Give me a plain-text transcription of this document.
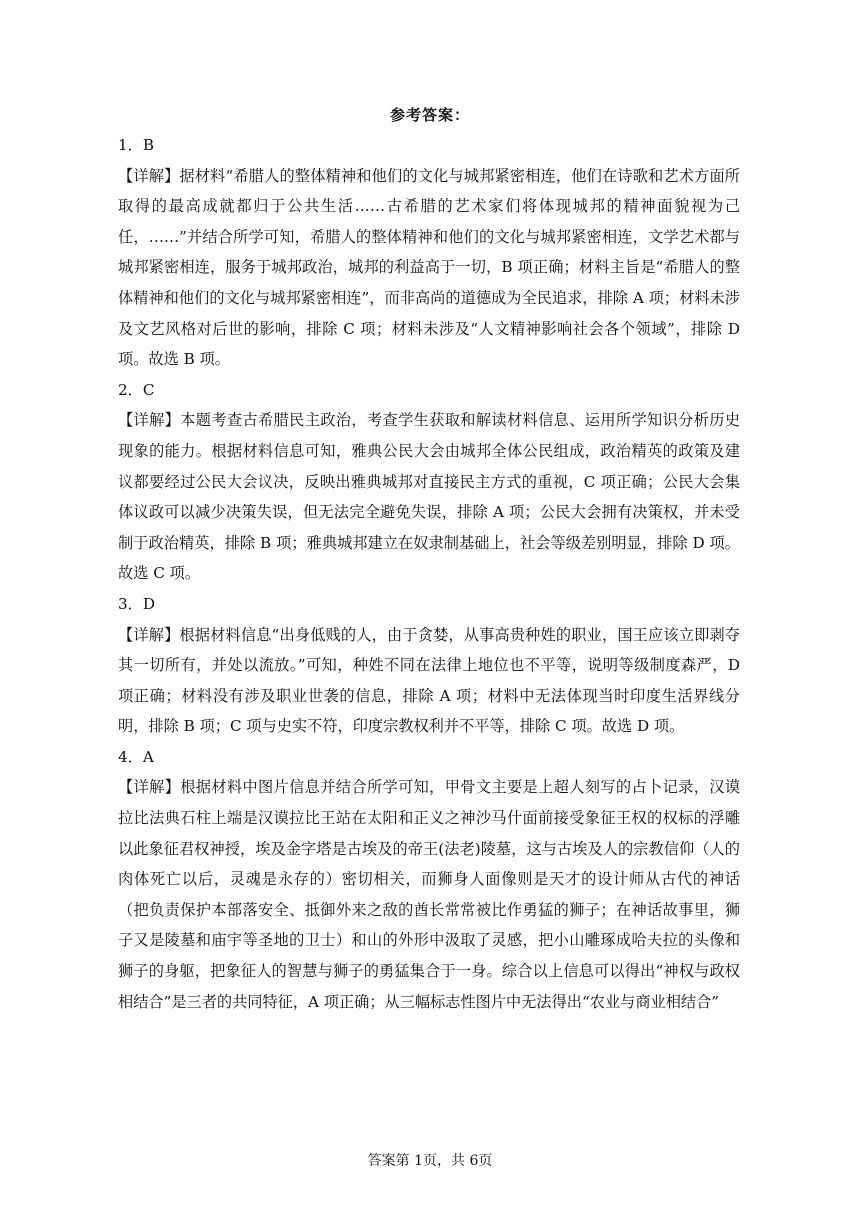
参考答案：

1．B

【详解】据材料“希腊人的整体精神和他们的文化与城邦紧密相连，他们在诗歌和艺术方面所取得的最高成就都归于公共生活……古希腊的艺术家们将体现城邦的精神面貌视为己任，……”并结合所学可知，希腊人的整体精神和他们的文化与城邦紧密相连，文学艺术都与城邦紧密相连，服务于城邦政治，城邦的利益高于一切，B 项正确；材料主旨是“希腊人的整体精神和他们的文化与城邦紧密相连”，而非高尚的道德成为全民追求，排除 A 项；材料未涉及文艺风格对后世的影响，排除 C 项；材料未涉及“人文精神影响社会各个领域”，排除 D 项。故选 B 项。

2．C

【详解】本题考查古希腊民主政治，考查学生获取和解读材料信息、运用所学知识分析历史现象的能力。根据材料信息可知，雅典公民大会由城邦全体公民组成，政治精英的政策及建议都要经过公民大会议决，反映出雅典城邦对直接民主方式的重视，C 项正确；公民大会集体议政可以减少决策失误，但无法完全避免失误，排除 A 项；公民大会拥有决策权，并未受制于政治精英，排除 B 项；雅典城邦建立在奴隶制基础上，社会等级差别明显，排除 D 项。故选 C 项。

3．D

【详解】根据材料信息“出身低贱的人，由于贪婪，从事高贵种姓的职业，国王应该立即剥夺其一切所有，并处以流放。”可知，种姓不同在法律上地位也不平等，说明等级制度森严，D 项正确；材料没有涉及职业世袭的信息，排除 A 项；材料中无法体现当时印度生活界线分明，排除 B 项；C 项与史实不符，印度宗教权利并不平等，排除 C 项。故选 D 项。

4．A

【详解】根据材料中图片信息并结合所学可知，甲骨文主要是上超人刻写的占卜记录，汉谟拉比法典石柱上端是汉谟拉比王站在太阳和正义之神沙马什面前接受象征王权的权标的浮雕以此象征君权神授，埃及金字塔是古埃及的帝王(法老)陵墓，这与古埃及人的宗教信仰（人的肉体死亡以后，灵魂是永存的）密切相关，而狮身人面像则是天才的设计师从古代的神话（把负责保护本部落安全、抵御外来之敌的酋长常常被比作勇猛的狮子；在神话故事里，狮子又是陵墓和庙宇等圣地的卫士）和山的外形中汲取了灵感，把小山雕琢成哈夫拉的头像和狮子的身躯，把象征人的智慧与狮子的勇猛集合于一身。综合以上信息可以得出“神权与政权相结合”是三者的共同特征，A 项正确；从三幅标志性图片中无法得出“农业与商业相结合”

答案第 1页，共 6页
